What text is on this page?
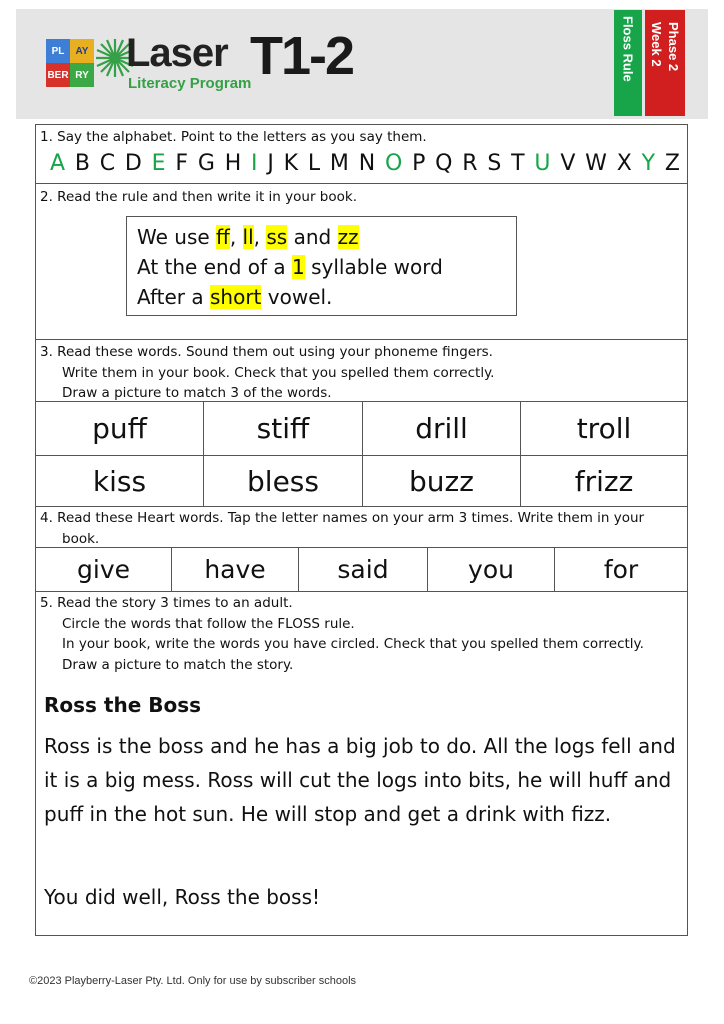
PL	AY
BER RY Laser T1-2
Literacy Program
Floss Rule	Phase 2
Week 2
1. Say the alphabet. Point to the letters as you say them.
A B C D E F G H I J K L M N O P Q R S T U V W X Y Z
2. Read the rule and then write it in your book.
We use ff, ll, ss and zz
At the end of a 1 syllable word
After a short vowel.
3. Read these words. Sound them out using your phoneme fingers.
Write them in your book. Check that you spelled them correctly.
Draw a picture to match 3 of the words.
puff	stiff	drill	troll
kiss	bless	buzz	frizz
4. Read these Heart words. Tap the letter names on your arm 3 times. Write them in your
book.
give	have	said	you	for
5. Read the story 3 times to an adult.
Circle the words that follow the FLOSS rule.
In your book, write the words you have circled. Check that you spelled them correctly.
Draw a picture to match the story.
Ross the Boss
Ross is the boss and he has a big job to do. All the logs fell and it is a big mess. Ross will cut the logs into bits, he will huff and puff in the hot sun. He will stop and get a drink with fizz.
You did well, Ross the boss!
©2023 Playberry-Laser Pty. Ltd. Only for use by subscriber schools
